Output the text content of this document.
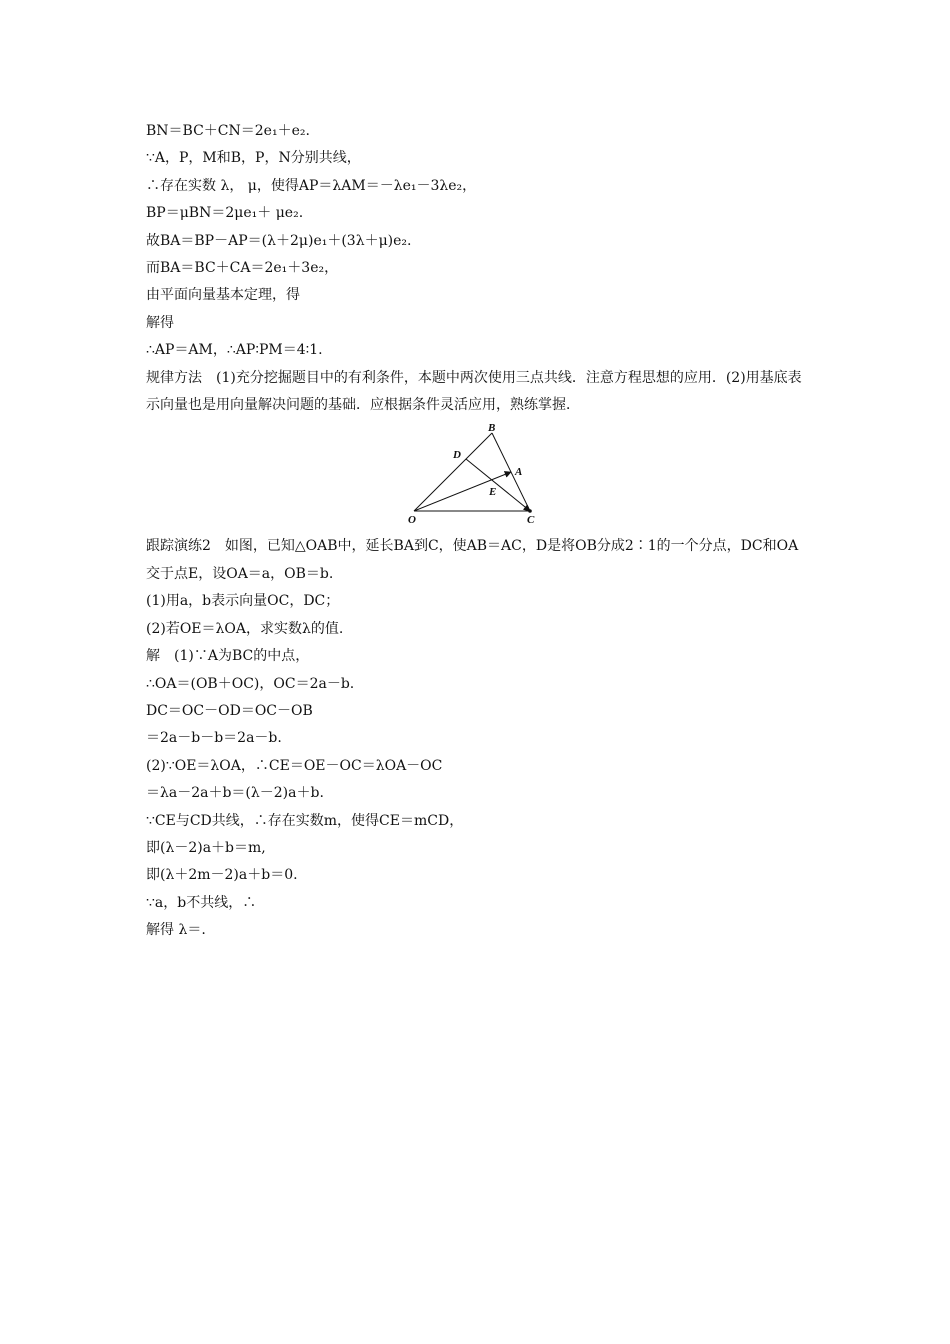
BN＝BC＋CN＝2e₁＋e₂.
∵A，P，M和B，P，N分别共线，
∴存在实数 λ， μ，使得AP＝λAM＝－λe₁－3λe₂，
BP＝μBN＝2μe₁＋ μe₂.
故BA＝BP－AP＝(λ＋2μ)e₁＋(3λ＋μ)e₂.
而BA＝BC＋CA＝2e₁＋3e₂，
由平面向量基本定理，得
解得
∴AP＝AM，∴AP∶PM＝4∶1.
规律方法　(1)充分挖掘题目中的有利条件，本题中两次使用三点共线．注意方程思想的应用．(2)用基底表示向量也是用向量解决问题的基础．应根据条件灵活应用，熟练掌握．
B
D
A
E
O	C
跟踪演练2　如图，已知△OAB中，延长BA到C，使AB＝AC，D是将OB分成2∶1的一个分点，DC和OA交于点E，设OA＝a，OB＝b.
(1)用a，b表示向量OC，DC；
(2)若OE＝λOA，求实数λ的值.
解　(1)∵A为BC的中点，
∴OA＝(OB＋OC)，OC＝2a－b.
DC＝OC－OD＝OC－OB
＝2a－b－b＝2a－b.
(2)∵OE＝λOA，∴CE＝OE－OC＝λOA－OC
＝λa－2a＋b＝(λ－2)a＋b.
∵CE与CD共线，∴存在实数m，使得CE＝mCD，
即(λ－2)a＋b＝m,
即(λ＋2m－2)a＋b＝0.
∵a，b不共线，∴
解得 λ＝.
